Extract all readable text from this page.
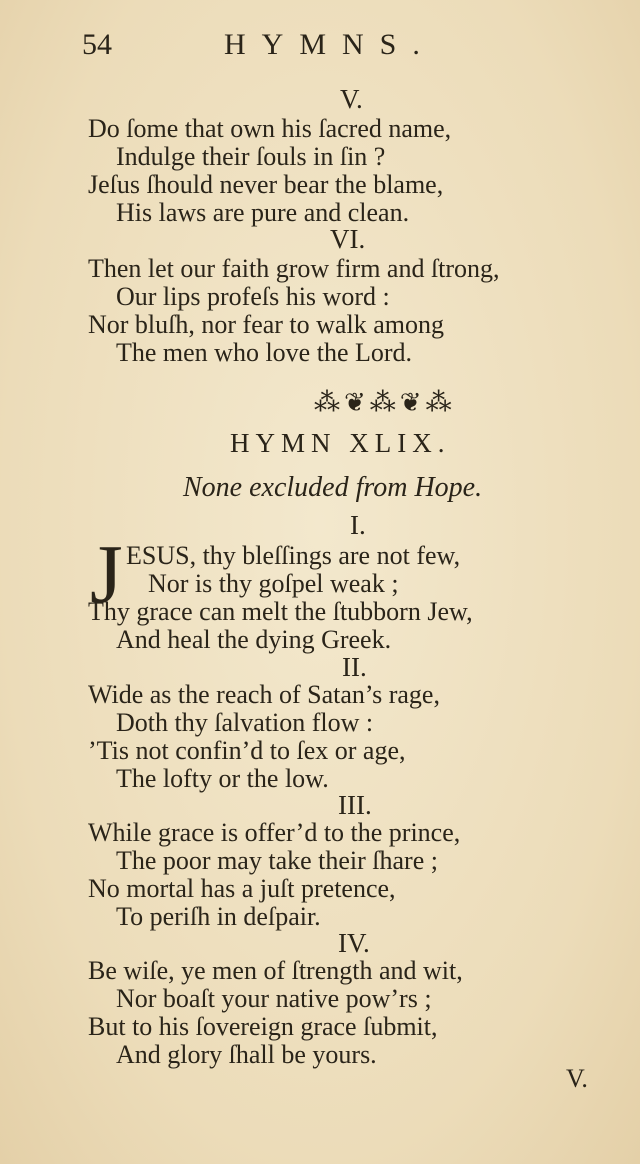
54	HYMNS.
V.
Do ſome that own his ſacred name,
Indulge their ſouls in ſin ?
Jeſus ſhould never bear the blame,
His laws are pure and clean.
VI.
Then let our faith grow firm and ſtrong,
Our lips profeſs his word :
Nor bluſh, nor fear to walk among
The men who love the Lord.
⁂❦⁂❦⁂
HYMN XLIX.
None excluded from Hope.
I.
J ESUS, thy bleſſings are not few,
Nor is thy goſpel weak ;
Thy grace can melt the ſtubborn Jew,
And heal the dying Greek.
II.
Wide as the reach of Satan’s rage,
Doth thy ſalvation flow :
’Tis not confin’d to ſex or age,
The lofty or the low.
III.
While grace is offer’d to the prince,
The poor may take their ſhare ;
No mortal has a juſt pretence,
To periſh in deſpair.
IV.
Be wiſe, ye men of ſtrength and wit,
Nor boaſt your native pow’rs ;
But to his ſovereign grace ſubmit,
And glory ſhall be yours.
V.
